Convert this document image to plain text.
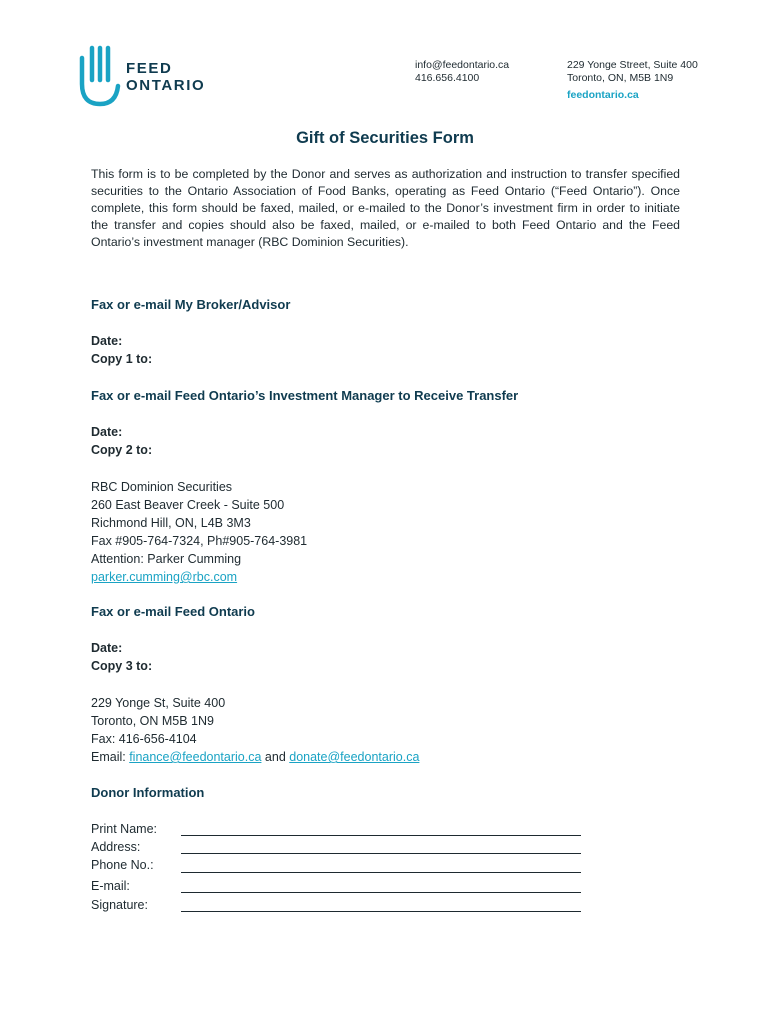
FEED
ONTARIO
info@feedontario.ca
416.656.4100
229 Yonge Street, Suite 400
Toronto, ON, M5B 1N9
feedontario.ca
Gift of Securities Form
This form is to be completed by the Donor and serves as authorization and instruction to transfer specified securities to the Ontario Association of Food Banks, operating as Feed Ontario (“Feed Ontario”). Once complete, this form should be faxed, mailed, or e-mailed to the Donor’s investment firm in order to initiate the transfer and copies should also be faxed, mailed, or e-mailed to both Feed Ontario and the Feed Ontario’s investment manager (RBC Dominion Securities).
Fax or e-mail My Broker/Advisor
Date:
Copy 1 to:
Fax or e-mail Feed Ontario’s Investment Manager to Receive Transfer
Date:
Copy 2 to:
RBC Dominion Securities
260 East Beaver Creek - Suite 500
Richmond Hill, ON, L4B 3M3
Fax #905-764-7324, Ph#905-764-3981
Attention: Parker Cumming
parker.cumming@rbc.com
Fax or e-mail Feed Ontario
Date:
Copy 3 to:
229 Yonge St, Suite 400
Toronto, ON M5B 1N9
Fax: 416-656-4104
Email: finance@feedontario.ca and donate@feedontario.ca
Donor Information
Print Name:
Address:
Phone No.:
E-mail:
Signature:
